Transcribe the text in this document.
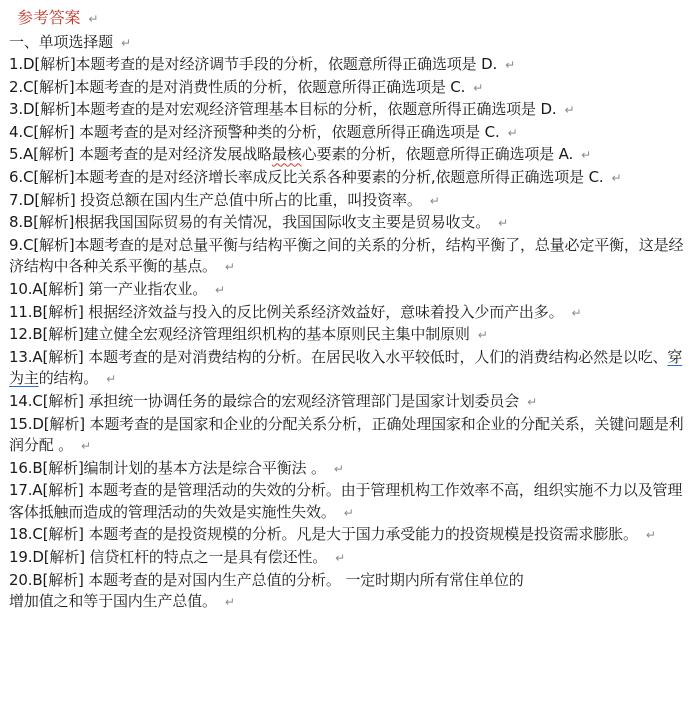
参考答案 ↵
一、单项选择题 ↵
1.D[解析]本题考查的是对经济调节手段的分析，依题意所得正确选项是 D. ↵
2.C[解析]本题考查的是对消费性质的分析，依题意所得正确选项是 C. ↵
3.D[解析]本题考查的是对宏观经济管理基本目标的分析，依题意所得正确选项是 D. ↵
4.C[解析] 本题考查的是对经济预警种类的分析，依题意所得正确选项是 C. ↵
5.A[解析] 本题考查的是对经济发展战略最核心要素的分析，依题意所得正确选项是 A. ↵
6.C[解析]本题考查的是对经济增长率成反比关系各种要素的分析,依题意所得正确选项是 C. ↵
7.D[解析] 投资总额在国内生产总值中所占的比重，叫投资率。 ↵
8.B[解析]根据我国国际贸易的有关情况，我国国际收支主要是贸易收支。 ↵
9.C[解析]本题考查的是对总量平衡与结构平衡之间的关系的分析，结构平衡了，总量必定平衡，这是经济结构中各种关系平衡的基点。 ↵
10.A[解析] 第一产业指农业。 ↵
11.B[解析] 根据经济效益与投入的反比例关系经济效益好，意味着投入少而产出多。 ↵
12.B[解析]建立健全宏观经济管理组织机构的基本原则民主集中制原则 ↵
13.A[解析] 本题考查的是对消费结构的分析。在居民收入水平较低时，人们的消费结构必然是以吃、穿为主的结构。 ↵
14.C[解析] 承担统一协调任务的最综合的宏观经济管理部门是国家计划委员会 ↵
15.D[解析] 本题考查的是国家和企业的分配关系分析，正确处理国家和企业的分配关系，关键问题是利润分配 。 ↵
16.B[解析]编制计划的基本方法是综合平衡法 。 ↵
17.A[解析] 本题考查的是管理活动的失效的分析。由于管理机构工作效率不高，组织实施不力以及管理客体抵触而造成的管理活动的失效是实施性失效。 ↵
18.C[解析] 本题考查的是投资规模的分析。凡是大于国力承受能力的投资规模是投资需求膨胀。 ↵
19.D[解析] 信贷杠杆的特点之一是具有偿还性。 ↵
20.B[解析] 本题考查的是对国内生产总值的分析。 一定时期内所有常住单位的
增加值之和等于国内生产总值。 ↵
